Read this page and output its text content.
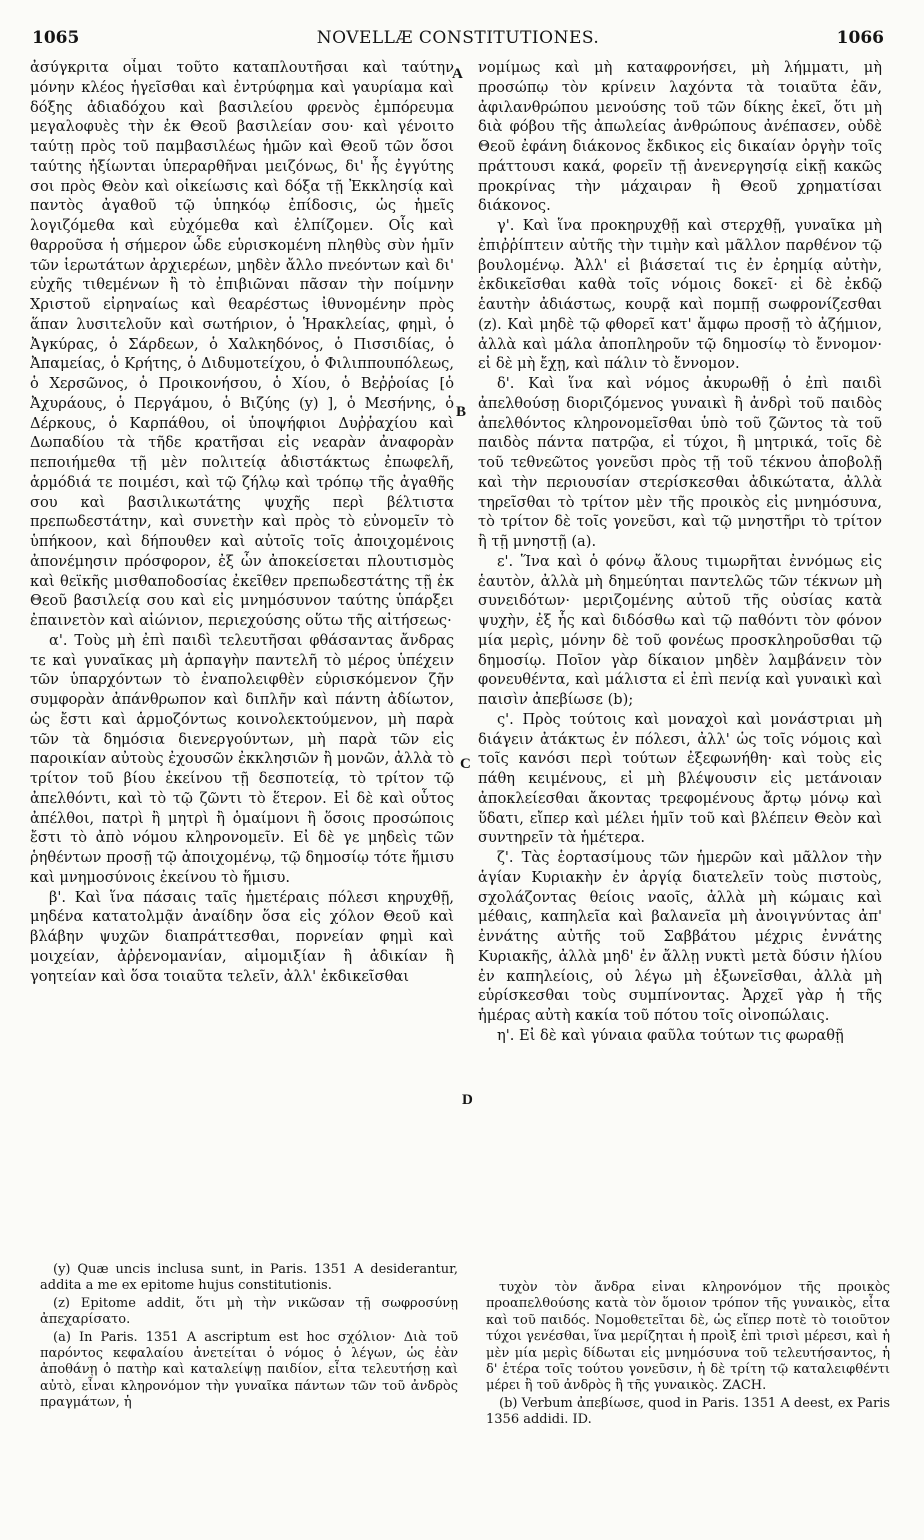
1065	NOVELLÆ CONSTITUTIONES.	1066

ἀσύγκριτα οἶμαι τοῦτο καταπλουτῆσαι καὶ ταύτην μόνην κλέος ἡγεῖσθαι καὶ ἐντρύφημα καὶ γαυρίαμα καὶ δόξης ἀδιαδόχου καὶ βασιλείου φρενὸς ἐμπόρευμα μεγαλοφυὲς τὴν ἐκ Θεοῦ βασιλείαν σου· καὶ γένοιτο ταύτῃ πρὸς τοῦ παμβασιλέως ἡμῶν καὶ Θεοῦ τῶν ὅσοι ταύτης ἠξίωνται ὑπεραρθῆναι μειζόνως, δι' ἧς ἐγγύτης σοι πρὸς Θεὸν καὶ οἰκείωσις καὶ δόξα τῇ Ἐκκλησίᾳ καὶ παντὸς ἀγαθοῦ τῷ ὑπηκόῳ ἐπίδοσις, ὡς ἡμεῖς λογιζόμεθα καὶ εὐχόμεθα καὶ ἐλπίζομεν. Οἷς καὶ θαρροῦσα ἡ σήμερον ὧδε εὑρισκομένη πληθὺς σὺν ἡμῖν τῶν ἱερωτάτων ἀρχιερέων, μηδὲν ἄλλο πνεόντων καὶ δι' εὐχῆς τιθεμένων ἢ τὸ ἐπιβιῶναι πᾶσαν τὴν ποίμνην Χριστοῦ εἰρηναίως καὶ θεαρέστως ἰθυνομένην πρὸς ἅπαν λυσιτελοῦν καὶ σωτήριον, ὁ Ἡρακλείας, φημὶ, ὁ Ἀγκύρας, ὁ Σάρδεων, ὁ Χαλκηδόνος, ὁ Πισσιδίας, ὁ Ἀπαμείας, ὁ Κρήτης, ὁ Διδυμοτείχου, ὁ Φιλιππουπόλεως, ὁ Χερσῶνος, ὁ Προικονήσου, ὁ Χίου, ὁ Βεῤῥοίας [ὁ Ἀχυράους, ὁ Περγάμου, ὁ Βιζύης (y) ], ὁ Μεσήνης, ὁ Δέρκους, ὁ Καρπάθου, οἱ ὑποψήφιοι Δυῤῥαχίου καὶ Δωπαδίου τὰ τῆδε κρατῆσαι εἰς νεαρὰν ἀναφορὰν πεποιήμεθα τῇ μὲν πολιτείᾳ ἀδιστάκτως ἐπωφελῆ, ἁρμόδιά τε ποιμέσι, καὶ τῷ ζήλῳ καὶ τρόπῳ τῆς ἀγαθῆς σου καὶ βασιλικωτάτης ψυχῆς περὶ βέλτιστα πρεπωδεστάτην, καὶ συνετὴν καὶ πρὸς τὸ εὐνομεῖν τὸ ὑπήκοον, καὶ δήπουθεν καὶ αὐτοῖς τοῖς ἀποιχομένοις ἀπονέμησιν πρόσφορον, ἐξ ὧν ἀποκείσεται πλουτισμὸς καὶ θεϊκῆς μισθαποδοσίας ἐκεῖθεν πρεπωδεστάτης τῇ ἐκ Θεοῦ βασιλείᾳ σου καὶ εἰς μνημόσυνον ταύτης ὑπάρξει ἐπαινετὸν καὶ αἰώνιον, περιεχούσης οὕτω τῆς αἰτήσεως·

α'. Τοὺς μὴ ἐπὶ παιδὶ τελευτῆσαι φθάσαντας ἄνδρας τε καὶ γυναῖκας μὴ ἁρπαγὴν παντελῆ τὸ μέρος ὑπέχειν τῶν ὑπαρχόντων τὸ ἐναπολειφθὲν εὑρισκόμενον ζῆν συμφορὰν ἀπάνθρωπον καὶ διπλῆν καὶ πάντη ἀδίωτον, ὡς ἔστι καὶ ἁρμοζόντως κοινολεκτούμενον, μὴ παρὰ τῶν τὰ δημόσια διενεργούντων, μὴ παρὰ τῶν εἰς παροικίαν αὐτοὺς ἐχουσῶν ἐκκλησιῶν ἢ μονῶν, ἀλλὰ τὸ τρίτον τοῦ βίου ἐκείνου τῇ δεσποτείᾳ, τὸ τρίτον τῷ ἀπελθόντι, καὶ τὸ τῷ ζῶντι τὸ ἕτερον. Εἰ δὲ καὶ οὗτος ἀπέλθοι, πατρὶ ἢ μητρὶ ἢ ὁμαίμονι ἢ ὅσοις προσώποις ἔστι τὸ ἀπὸ νόμου κληρονομεῖν. Εἰ δὲ γε μηδεὶς τῶν ῥηθέντων προσῇ τῷ ἀποιχομένῳ, τῷ δημοσίῳ τότε ἥμισυ καὶ μνημοσύνοις ἐκείνου τὸ ἥμισυ.

β'. Καὶ ἵνα πάσαις ταῖς ἡμετέραις πόλεσι κηρυχθῇ, μηδένα κατατολμᾷν ἀναίδην ὅσα εἰς χόλον Θεοῦ καὶ βλάβην ψυχῶν διαπράττεσθαι, πορνείαν φημὶ καὶ μοιχείαν, ἀῤῥενομανίαν, αἱμομιξίαν ἢ ἀδικίαν ἢ γοητείαν καὶ ὅσα τοιαῦτα τελεῖν, ἀλλ' ἐκδικεῖσθαι

A
B
C
D

νομίμως καὶ μὴ καταφρονήσει, μὴ λήμματι, μὴ προσώπῳ τὸν κρίνειν λαχόντα τὰ τοιαῦτα ἐᾶν, ἀφιλανθρώπου μενούσης τοῦ τῶν δίκης ἐκεῖ, ὅτι μὴ διὰ φόβου τῆς ἀπωλείας ἀνθρώπους ἀνέπασεν, οὐδὲ Θεοῦ ἐφάνη διάκονος ἔκδικος εἰς δικαίαν ὀργὴν τοῖς πράττουσι κακά, φορεῖν τῇ ἀνενεργησίᾳ εἰκῇ κακῶς προκρίνας τὴν μάχαιραν ἢ Θεοῦ χρηματίσαι διάκονος.

γ'. Καὶ ἵνα προκηρυχθῇ καὶ στερχθῇ, γυναῖκα μὴ ἐπιῤῥίπτειν αὐτῆς τὴν τιμὴν καὶ μᾶλλον παρθένον τῷ βουλομένῳ. Ἀλλ' εἰ βιάσεταί τις ἐν ἐρημίᾳ αὐτὴν, ἐκδικεῖσθαι καθὰ τοῖς νόμοις δοκεῖ· εἰ δὲ ἐκδῷ ἑαυτὴν ἀδιάστως, κουρᾷ καὶ πομπῇ σωφρονίζεσθαι (z). Καὶ μηδὲ τῷ φθορεῖ κατ' ἄμφω προσῇ τὸ ἀζήμιον, ἀλλὰ καὶ μάλα ἀποπληροῦν τῷ δημοσίῳ τὸ ἔννομον· εἰ δὲ μὴ ἔχῃ, καὶ πάλιν τὸ ἔννομον.

δ'. Καὶ ἵνα καὶ νόμος ἀκυρωθῇ ὁ ἐπὶ παιδὶ ἀπελθούσῃ διοριζόμενος γυναικὶ ἢ ἀνδρὶ τοῦ παιδὸς ἀπελθόντος κληρονομεῖσθαι ὑπὸ τοῦ ζῶντος τὰ τοῦ παιδὸς πάντα πατρῷα, εἰ τύχοι, ἢ μητρικά, τοῖς δὲ τοῦ τεθνεῶτος γονεῦσι πρὸς τῇ τοῦ τέκνου ἀποβολῇ καὶ τὴν περιουσίαν στερίσκεσθαι ἀδικώτατα, ἀλλὰ τηρεῖσθαι τὸ τρίτον μὲν τῆς προικὸς εἰς μνημόσυνα, τὸ τρίτον δὲ τοῖς γονεῦσι, καὶ τῷ μνηστῆρι τὸ τρίτον ἢ τῇ μνηστῇ (a).

ε'. Ἵνα καὶ ὁ φόνῳ ἄλους τιμωρῆται ἐννόμως εἰς ἑαυτὸν, ἀλλὰ μὴ δημεύηται παντελῶς τῶν τέκνων μὴ συνειδότων· μεριζομένης αὐτοῦ τῆς οὐσίας κατὰ ψυχὴν, ἐξ ἧς καὶ διδόσθω καὶ τῷ παθόντι τὸν φόνον μία μερὶς, μόνην δὲ τοῦ φονέως προσκληροῦσθαι τῷ δημοσίῳ. Ποῖον γὰρ δίκαιον μηδὲν λαμβάνειν τὸν φονευθέντα, καὶ μάλιστα εἰ ἐπὶ πενίᾳ καὶ γυναικὶ καὶ παισὶν ἀπεβίωσε (b);

ς'. Πρὸς τούτοις καὶ μοναχοὶ καὶ μονάστριαι μὴ διάγειν ἀτάκτως ἐν πόλεσι, ἀλλ' ὡς τοῖς νόμοις καὶ τοῖς κανόσι περὶ τούτων ἐξεφωνήθη· καὶ τοὺς εἰς πάθη κειμένους, εἰ μὴ βλέψουσιν εἰς μετάνοιαν ἀποκλείεσθαι ἄκοντας τρεφομένους ἄρτῳ μόνῳ καὶ ὕδατι, εἴπερ καὶ μέλει ἡμῖν τοῦ καὶ βλέπειν Θεὸν καὶ συντηρεῖν τὰ ἡμέτερα.

ζ'. Τὰς ἑορτασίμους τῶν ἡμερῶν καὶ μᾶλλον τὴν ἁγίαν Κυριακὴν ἐν ἀργίᾳ διατελεῖν τοὺς πιστοὺς, σχολάζοντας θείοις ναοῖς, ἀλλὰ μὴ κώμαις καὶ μέθαις, καπηλεῖα καὶ βαλανεῖα μὴ ἀνοιγνύντας ἀπ' ἐννάτης αὐτῆς τοῦ Σαββάτου μέχρις ἐννάτης Κυριακῆς, ἀλλὰ μηδ' ἐν ἄλλῃ νυκτὶ μετὰ δύσιν ἡλίου ἐν καπηλείοις, οὐ λέγω μὴ ἐξωνεῖσθαι, ἀλλὰ μὴ εὑρίσκεσθαι τοὺς συμπίνοντας. Ἀρχεῖ γὰρ ἡ τῆς ἡμέρας αὐτὴ κακία τοῦ πότου τοῖς οἰνοπώλαις.

η'. Εἰ δὲ καὶ γύναια φαῦλα τούτων τις φωραθῇ

(y) Quæ uncis inclusa sunt, in Paris. 1351 A desiderantur, addita a me ex epitome hujus constitutionis.

(z) Epitome addit, ὅτι μὴ τὴν νικῶσαν τῇ σωφροσύνῃ ἀπεχαρίσατο.

(a) In Paris. 1351 A ascriptum est hoc σχόλιον· Διὰ τοῦ παρόντος κεφαλαίου ἀνετείται ὁ νόμος ὁ λέγων, ὡς ἐὰν ἀποθάνῃ ὁ πατὴρ καὶ καταλείψῃ παιδίον, εἶτα τελευτήσῃ καὶ αὐτὸ, εἶναι κληρονόμον τὴν γυναῖκα πάντων τῶν τοῦ ἀνδρὸς πραγμάτων, ἡ

τυχὸν τὸν ἄνδρα εἶναι κληρονόμον τῆς προικὸς προαπελθούσης κατὰ τὸν ὅμοιον τρόπον τῆς γυναικὸς, εἶτα καὶ τοῦ παιδός. Νομοθετεῖται δὲ, ὡς εἴπερ ποτὲ τὸ τοιοῦτον τύχοι γενέσθαι, ἵνα μερίζηται ἡ προὶξ ἐπὶ τρισὶ μέρεσι, καὶ ἡ μὲν μία μερὶς δίδωται εἰς μνημόσυνα τοῦ τελευτήσαντος, ἡ δ' ἑτέρα τοῖς τούτου γονεῦσιν, ἡ δὲ τρίτη τῷ καταλειφθέντι μέρει ἢ τοῦ ἀνδρὸς ἢ τῆς γυναικὸς. ZACH.

(b) Verbum ἀπεβίωσε, quod in Paris. 1351 A deest, ex Paris 1356 addidi. ID.
